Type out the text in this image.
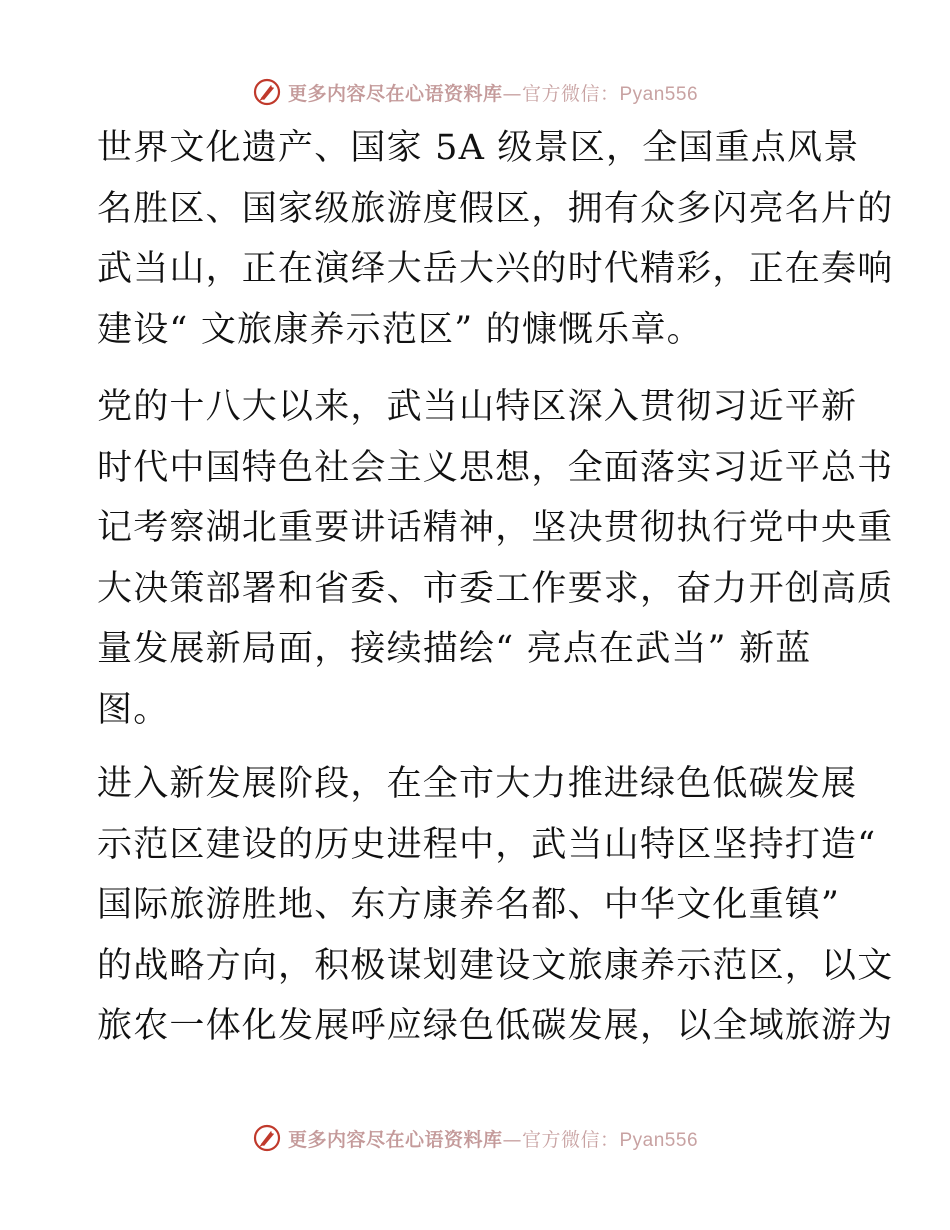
更多内容尽在心语资料库—官方微信：Pyan556
世界文化遗产、国家 5A 级景区，全国重点风景
名胜区、国家级旅游度假区，拥有众多闪亮名片的
武当山，正在演绎大岳大兴的时代精彩，正在奏响
建设“ 文旅康养示范区” 的慷慨乐章。
党的十八大以来，武当山特区深入贯彻习近平新
时代中国特色社会主义思想，全面落实习近平总书
记考察湖北重要讲话精神，坚决贯彻执行党中央重
大决策部署和省委、市委工作要求，奋力开创高质
量发展新局面，接续描绘“ 亮点在武当” 新蓝
图。
进入新发展阶段，在全市大力推进绿色低碳发展
示范区建设的历史进程中，武当山特区坚持打造“
国际旅游胜地、东方康养名都、中华文化重镇”
的战略方向，积极谋划建设文旅康养示范区，以文
旅农一体化发展呼应绿色低碳发展，以全域旅游为
更多内容尽在心语资料库—官方微信：Pyan556
